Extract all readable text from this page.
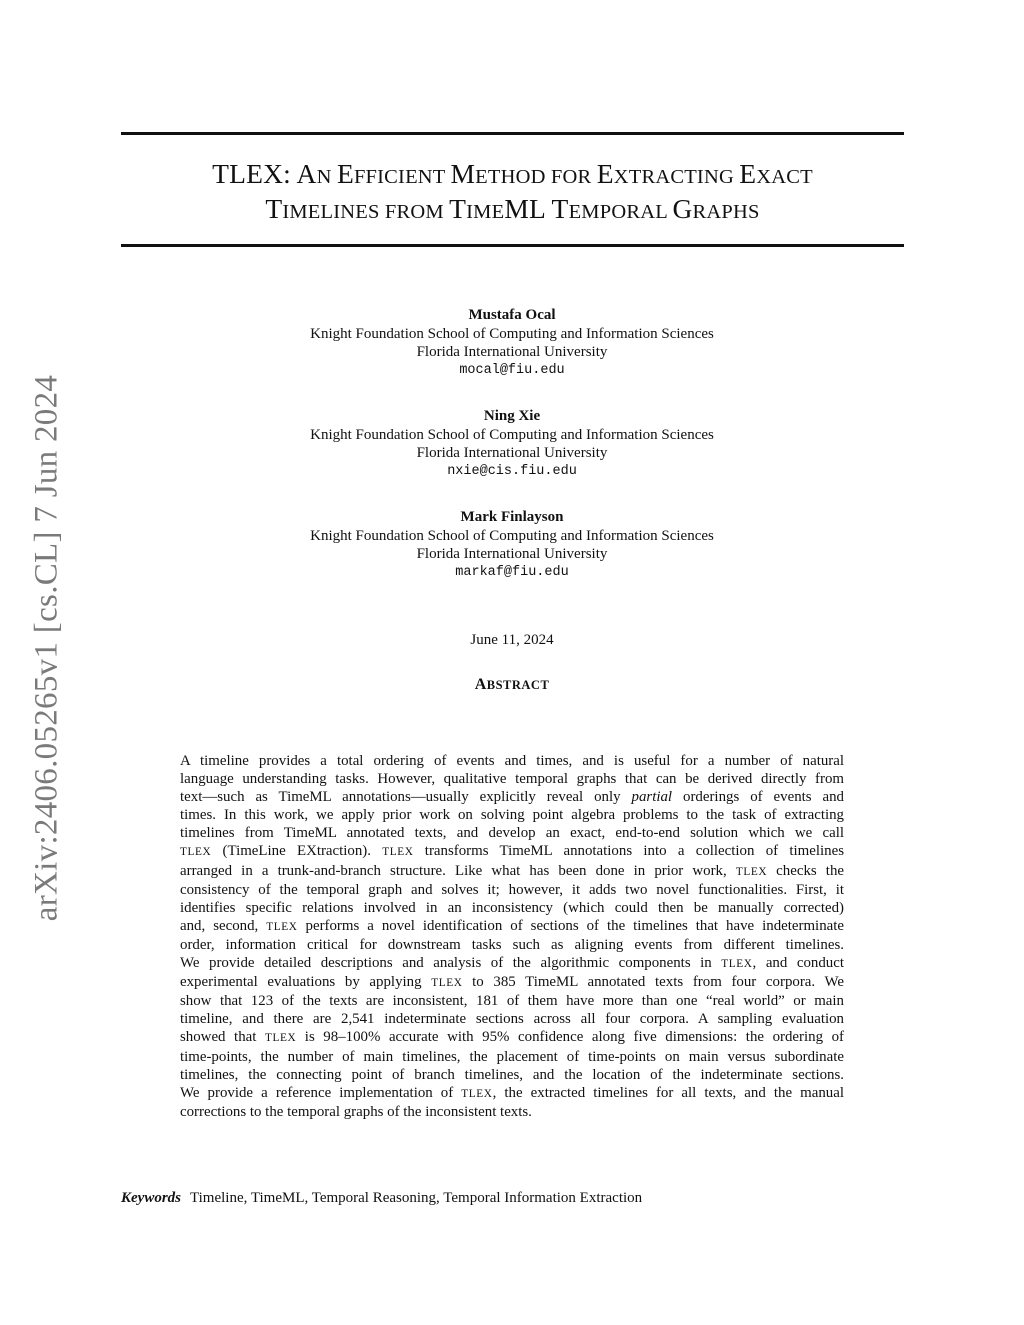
arXiv:2406.05265v1 [cs.CL] 7 Jun 2024
TLEX: AN EFFICIENT METHOD FOR EXTRACTING EXACT
TIMELINES FROM TIMEML TEMPORAL GRAPHS
Mustafa Ocal
Knight Foundation School of Computing and Information Sciences
Florida International University
mocal@fiu.edu
Ning Xie
Knight Foundation School of Computing and Information Sciences
Florida International University
nxie@cis.fiu.edu
Mark Finlayson
Knight Foundation School of Computing and Information Sciences
Florida International University
markaf@fiu.edu
June 11, 2024
ABSTRACT
A timeline provides a total ordering of events and times, and is useful for a number of natural
language understanding tasks. However, qualitative temporal graphs that can be derived directly from
text—such as TimeML annotations—usually explicitly reveal only partial orderings of events and
times. In this work, we apply prior work on solving point algebra problems to the task of extracting
timelines from TimeML annotated texts, and develop an exact, end-to-end solution which we call
TLEX (TimeLine EXtraction). TLEX transforms TimeML annotations into a collection of timelines
arranged in a trunk-and-branch structure. Like what has been done in prior work, TLEX checks the
consistency of the temporal graph and solves it; however, it adds two novel functionalities. First, it
identifies specific relations involved in an inconsistency (which could then be manually corrected)
and, second, TLEX performs a novel identification of sections of the timelines that have indeterminate
order, information critical for downstream tasks such as aligning events from different timelines.
We provide detailed descriptions and analysis of the algorithmic components in TLEX, and conduct
experimental evaluations by applying TLEX to 385 TimeML annotated texts from four corpora. We
show that 123 of the texts are inconsistent, 181 of them have more than one “real world” or main
timeline, and there are 2,541 indeterminate sections across all four corpora. A sampling evaluation
showed that TLEX is 98–100% accurate with 95% confidence along five dimensions: the ordering of
time-points, the number of main timelines, the placement of time-points on main versus subordinate
timelines, the connecting point of branch timelines, and the location of the indeterminate sections.
We provide a reference implementation of TLEX, the extracted timelines for all texts, and the manual
corrections to the temporal graphs of the inconsistent texts.
Keywords Timeline, TimeML, Temporal Reasoning, Temporal Information Extraction
